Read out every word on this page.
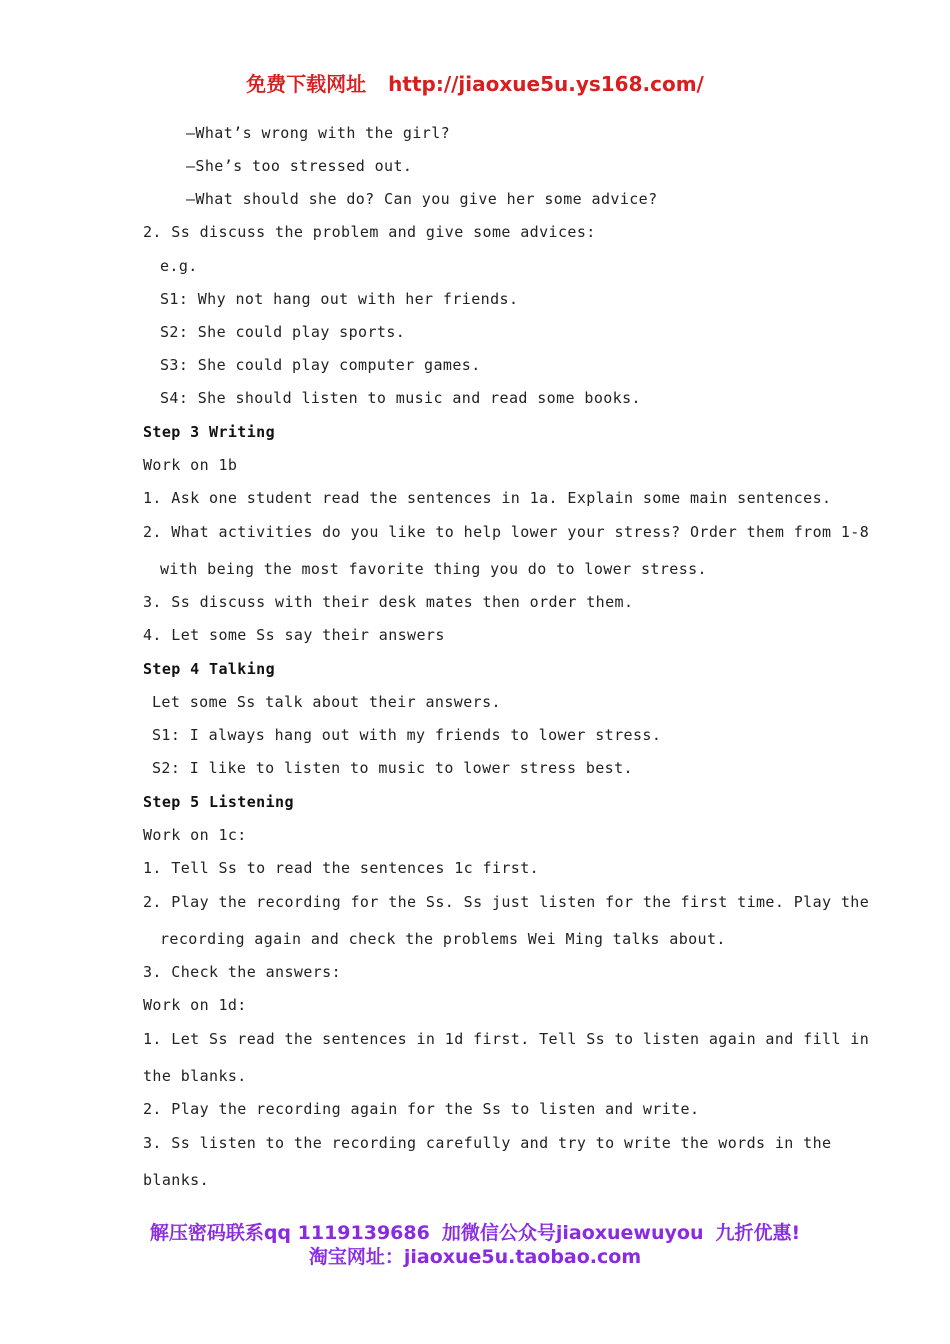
免费下载网址 http://jiaoxue5u.ys168.com/
—What’s wrong with the girl?
—She’s too stressed out.
—What should she do? Can you give her some advice?
2. Ss discuss the problem and give some advices:
e.g.
S1: Why not hang out with her friends.
S2: She could play sports.
S3: She could play computer games.
S4: She should listen to music and read some books.
Step 3 Writing
Work on 1b
1. Ask one student read the sentences in 1a. Explain some main sentences.
2. What activities do you like to help lower your stress? Order them from 1-8
with being the most favorite thing you do to lower stress.
3. Ss discuss with their desk mates then order them.
4. Let some Ss say their answers
Step 4 Talking
Let some Ss talk about their answers.
S1: I always hang out with my friends to lower stress.
S2: I like to listen to music to lower stress best.
Step 5 Listening
Work on 1c:
1. Tell Ss to read the sentences 1c first.
2. Play the recording for the Ss. Ss just listen for the first time. Play the
recording again and check the problems Wei Ming talks about.
3. Check the answers:
Work on 1d:
1. Let Ss read the sentences in 1d first. Tell Ss to listen again and fill in
the blanks.
2. Play the recording again for the Ss to listen and write.
3. Ss listen to the recording carefully and try to write the words in the
blanks.
解压密码联系qq 1119139686 加微信公众号jiaoxuewuyou 九折优惠!
淘宝网址：jiaoxue5u.taobao.com
